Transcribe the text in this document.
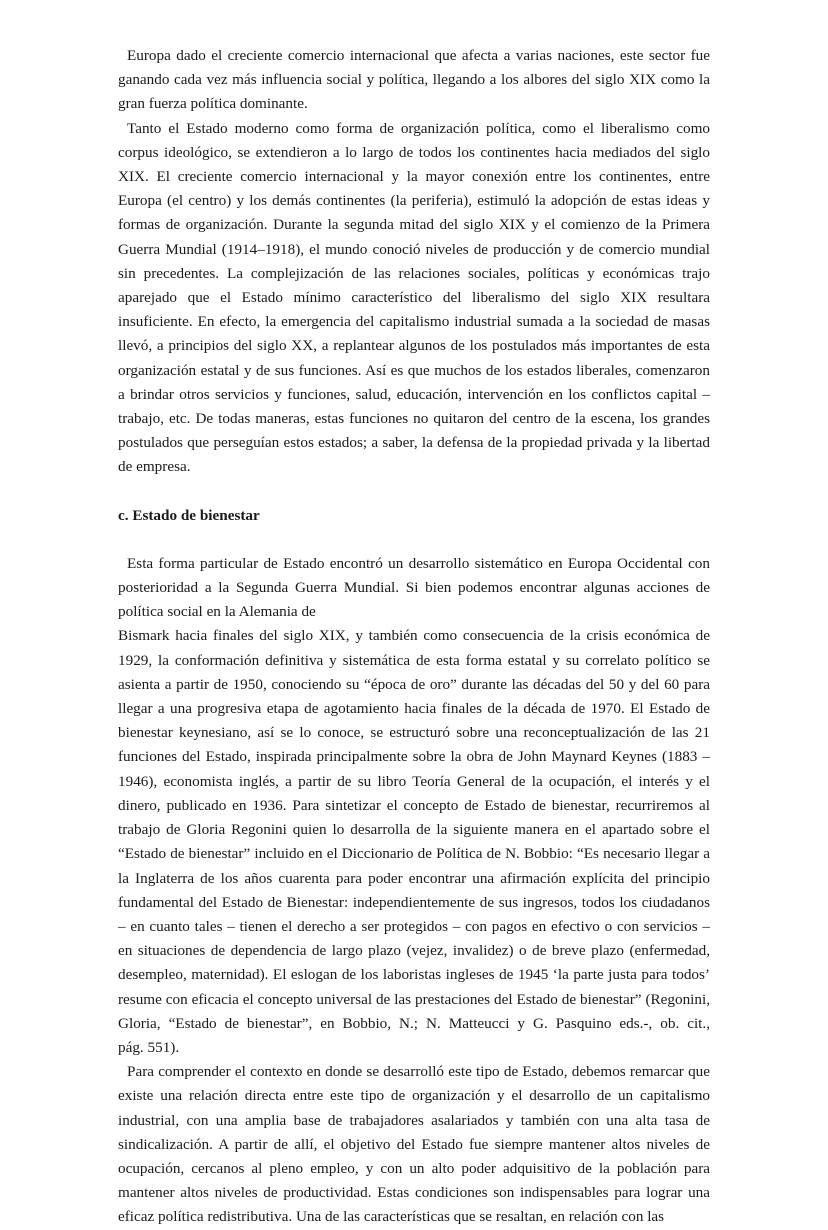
Europa dado el creciente comercio internacional que afecta a varias naciones, este sector fue ganando cada vez más influencia social y política, llegando a los albores del siglo XIX como la gran fuerza política dominante.

Tanto el Estado moderno como forma de organización política, como el liberalismo como corpus ideológico, se extendieron a lo largo de todos los continentes hacia mediados del siglo XIX. El creciente comercio internacional y la mayor conexión entre los continentes, entre Europa (el centro) y los demás continentes (la periferia), estimuló la adopción de estas ideas y formas de organización. Durante la segunda mitad del siglo XIX y el comienzo de la Primera Guerra Mundial (1914–1918), el mundo conoció niveles de producción y de comercio mundial sin precedentes. La complejización de las relaciones sociales, políticas y económicas trajo aparejado que el Estado mínimo característico del liberalismo del siglo XIX resultara insuficiente. En efecto, la emergencia del capitalismo industrial sumada a la sociedad de masas llevó, a principios del siglo XX, a replantear algunos de los postulados más importantes de esta organización estatal y de sus funciones. Así es que muchos de los estados liberales, comenzaron a brindar otros servicios y funciones, salud, educación, intervención en los conflictos capital – trabajo, etc. De todas maneras, estas funciones no quitaron del centro de la escena, los grandes postulados que perseguían estos estados; a saber, la defensa de la propiedad privada y la libertad de empresa.

c. Estado de bienestar

Esta forma particular de Estado encontró un desarrollo sistemático en Europa Occidental con posterioridad a la Segunda Guerra Mundial. Si bien podemos encontrar algunas acciones de

política social en la Alemania de

Bismark hacia finales del siglo XIX, y también como consecuencia de la crisis económica de 1929, la conformación definitiva y sistemática de esta forma estatal y su correlato político se asienta a partir de 1950, conociendo su “época de oro” durante las décadas del 50 y del 60 para llegar a una progresiva etapa de agotamiento hacia finales de la década de 1970. El Estado de bienestar keynesiano, así se lo conoce, se estructuró sobre una reconceptualización de las 21 funciones del Estado, inspirada principalmente sobre la obra de John Maynard Keynes (1883 – 1946), economista inglés, a partir de su libro Teoría General de la ocupación, el interés y el dinero, publicado en 1936. Para sintetizar el concepto de Estado de bienestar, recurriremos al trabajo de Gloria Regonini quien lo desarrolla de la siguiente manera en el apartado sobre el “Estado de bienestar” incluido en el Diccionario de Política de N. Bobbio: “Es necesario llegar a la Inglaterra de los años cuarenta para poder encontrar una afirmación explícita del principio fundamental del Estado de Bienestar: independientemente de sus ingresos, todos los ciudadanos – en cuanto tales – tienen el derecho a ser protegidos – con pagos en efectivo o con servicios – en situaciones de dependencia de largo plazo (vejez, invalidez) o de breve plazo (enfermedad, desempleo, maternidad). El eslogan de los laboristas ingleses de 1945 ‘la parte justa para todos’ resume con eficacia el concepto universal de las prestaciones del Estado de bienestar” (Regonini, Gloria, “Estado de bienestar”, en Bobbio, N.; N. Matteucci y G. Pasquino eds.-, ob. cit.,

pág. 551).

Para comprender el contexto en donde se desarrolló este tipo de Estado, debemos remarcar que existe una relación directa entre este tipo de organización y el desarrollo de un capitalismo industrial, con una amplia base de trabajadores asalariados y también con una alta tasa de sindicalización. A partir de allí, el objetivo del Estado fue siempre mantener altos niveles de ocupación, cercanos al pleno empleo, y con un alto poder adquisitivo de la población para mantener altos niveles de productividad. Estas condiciones son indispensables para lograr una eficaz política redistributiva. Una de las características que se resaltan, en relación con las
